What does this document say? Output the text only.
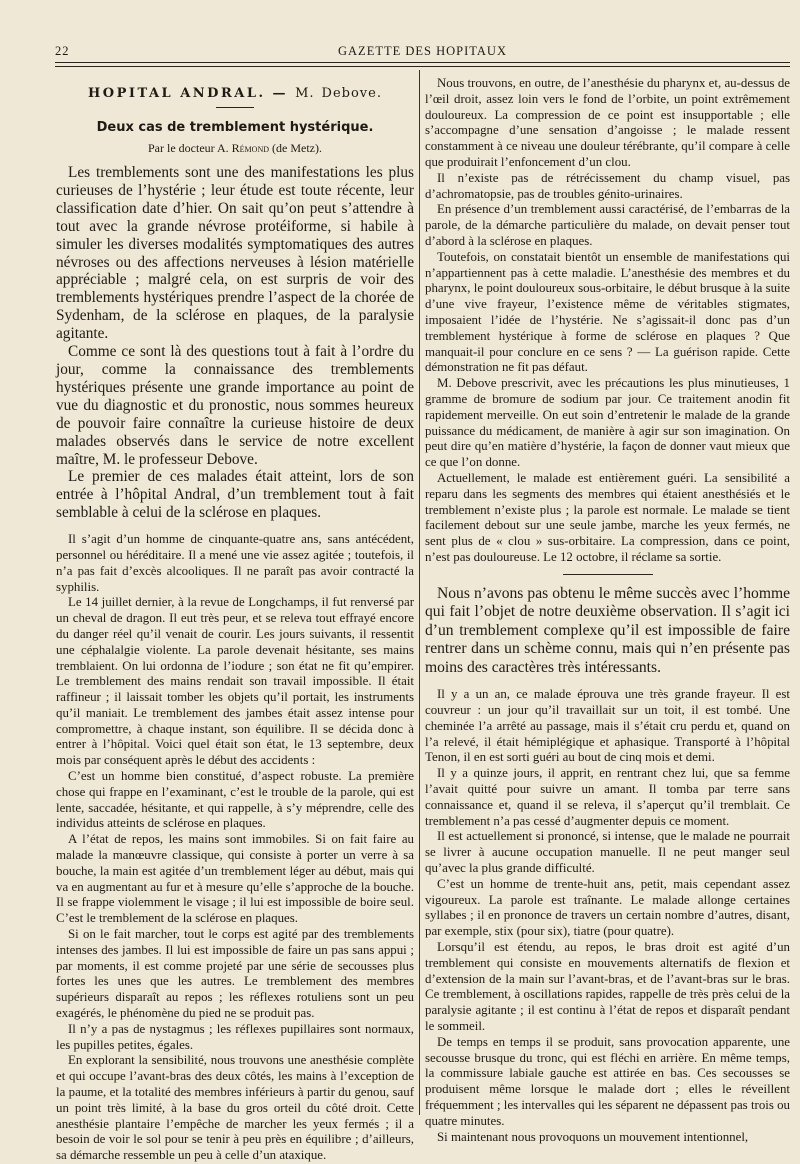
22	GAZETTE DES HOPITAUX
HOPITAL ANDRAL. — M. Debove.
Deux cas de tremblement hystérique.
Par le docteur A. Rémond (de Metz).

Les tremblements sont une des manifestations les plus curieuses de l’hystérie ; leur étude est toute récente, leur classification date d’hier. On sait qu’on peut s’attendre à tout avec la grande névrose protéiforme, si habile à simuler les diverses modalités symptomatiques des autres névroses ou des affections nerveuses à lésion matérielle appréciable ; malgré cela, on est surpris de voir des tremblements hystériques prendre l’aspect de la chorée de Sydenham, de la sclérose en plaques, de la paralysie agitante.

Comme ce sont là des questions tout à fait à l’ordre du jour, comme la connaissance des tremblements hystériques présente une grande importance au point de vue du diagnostic et du pronostic, nous sommes heureux de pouvoir faire connaître la curieuse histoire de deux malades observés dans le service de notre excellent maître, M. le professeur Debove.

Le premier de ces malades était atteint, lors de son entrée à l’hôpital Andral, d’un tremblement tout à fait semblable à celui de la sclérose en plaques.

Il s’agit d’un homme de cinquante-quatre ans, sans antécédent, personnel ou héréditaire. Il a mené une vie assez agitée ; toutefois, il n’a pas fait d’excès alcooliques. Il ne paraît pas avoir contracté la syphilis.

Le 14 juillet dernier, à la revue de Longchamps, il fut renversé par un cheval de dragon. Il eut très peur, et se releva tout effrayé encore du danger réel qu’il venait de courir. Les jours suivants, il ressentit une céphalalgie violente. La parole devenait hésitante, ses mains tremblaient. On lui ordonna de l’iodure ; son état ne fit qu’empirer. Le tremblement des mains rendait son travail impossible. Il était raffineur ; il laissait tomber les objets qu’il portait, les instruments qu’il maniait. Le tremblement des jambes était assez intense pour compromettre, à chaque instant, son équilibre. Il se décida donc à entrer à l’hôpital. Voici quel était son état, le 13 septembre, deux mois par conséquent après le début des accidents :

C’est un homme bien constitué, d’aspect robuste. La première chose qui frappe en l’examinant, c’est le trouble de la parole, qui est lente, saccadée, hésitante, et qui rappelle, à s’y méprendre, celle des individus atteints de sclérose en plaques.

A l’état de repos, les mains sont immobiles. Si on fait faire au malade la manœuvre classique, qui consiste à porter un verre à sa bouche, la main est agitée d’un tremblement léger au début, mais qui va en augmentant au fur et à mesure qu’elle s’approche de la bouche. Il se frappe violemment le visage ; il lui est impossible de boire seul. C’est le tremblement de la sclérose en plaques.

Si on le fait marcher, tout le corps est agité par des tremblements intenses des jambes. Il lui est impossible de faire un pas sans appui ; par moments, il est comme projeté par une série de secousses plus fortes les unes que les autres. Le tremblement des membres supérieurs disparaît au repos ; les réflexes rotuliens sont un peu exagérés, le phénomène du pied ne se produit pas.

Il n’y a pas de nystagmus ; les réflexes pupillaires sont normaux, les pupilles petites, égales.

En explorant la sensibilité, nous trouvons une anesthésie complète et qui occupe l’avant-bras des deux côtés, les mains à l’exception de la paume, et la totalité des membres inférieurs à partir du genou, sauf un point très limité, à la base du gros orteil du côté droit. Cette anesthésie plantaire l’empêche de marcher les yeux fermés ; il a besoin de voir le sol pour se tenir à peu près en équilibre ; d’ailleurs, sa démarche ressemble un peu à celle d’un ataxique.

Nous trouvons, en outre, de l’anesthésie du pharynx et, au-dessus de l’œil droit, assez loin vers le fond de l’orbite, un point extrêmement douloureux. La compression de ce point est insupportable ; elle s’accompagne d’une sensation d’angoisse ; le malade ressent constamment à ce niveau une douleur térébrante, qu’il compare à celle que produirait l’enfoncement d’un clou.

Il n’existe pas de rétrécissement du champ visuel, pas d’achromatopsie, pas de troubles génito-urinaires.

En présence d’un tremblement aussi caractérisé, de l’embarras de la parole, de la démarche particulière du malade, on devait penser tout d’abord à la sclérose en plaques.

Toutefois, on constatait bientôt un ensemble de manifestations qui n’appartiennent pas à cette maladie. L’anesthésie des membres et du pharynx, le point douloureux sous-orbitaire, le début brusque à la suite d’une vive frayeur, l’existence même de véritables stigmates, imposaient l’idée de l’hystérie. Ne s’agissait-il donc pas d’un tremblement hystérique à forme de sclérose en plaques ? Que manquait-il pour conclure en ce sens ? — La guérison rapide. Cette démonstration ne fit pas défaut.

M. Debove prescrivit, avec les précautions les plus minutieuses, 1 gramme de bromure de sodium par jour. Ce traitement anodin fit rapidement merveille. On eut soin d’entretenir le malade de la grande puissance du médicament, de manière à agir sur son imagination. On peut dire qu’en matière d’hystérie, la façon de donner vaut mieux que ce que l’on donne.

Actuellement, le malade est entièrement guéri. La sensibilité a reparu dans les segments des membres qui étaient anesthésiés et le tremblement n’existe plus ; la parole est normale. Le malade se tient facilement debout sur une seule jambe, marche les yeux fermés, ne sent plus de « clou » sus-orbitaire. La compression, dans ce point, n’est pas douloureuse. Le 12 octobre, il réclame sa sortie.

Nous n’avons pas obtenu le même succès avec l’homme qui fait l’objet de notre deuxième observation. Il s’agit ici d’un tremblement complexe qu’il est impossible de faire rentrer dans un schème connu, mais qui n’en présente pas moins des caractères très intéressants.

Il y a un an, ce malade éprouva une très grande frayeur. Il est couvreur : un jour qu’il travaillait sur un toit, il est tombé. Une cheminée l’a arrêté au passage, mais il s’était cru perdu et, quand on l’a relevé, il était hémiplégique et aphasique. Transporté à l’hôpital Tenon, il en est sorti guéri au bout de cinq mois et demi.

Il y a quinze jours, il apprit, en rentrant chez lui, que sa femme l’avait quitté pour suivre un amant. Il tomba par terre sans connaissance et, quand il se releva, il s’aperçut qu’il tremblait. Ce tremblement n’a pas cessé d’augmenter depuis ce moment.

Il est actuellement si prononcé, si intense, que le malade ne pourrait se livrer à aucune occupation manuelle. Il ne peut manger seul qu’avec la plus grande difficulté.

C’est un homme de trente-huit ans, petit, mais cependant assez vigoureux. La parole est traînante. Le malade allonge certaines syllabes ; il en prononce de travers un certain nombre d’autres, disant, par exemple, stix (pour six), tiatre (pour quatre).

Lorsqu’il est étendu, au repos, le bras droit est agité d’un tremblement qui consiste en mouvements alternatifs de flexion et d’extension de la main sur l’avant-bras, et de l’avant-bras sur le bras. Ce tremblement, à oscillations rapides, rappelle de très près celui de la paralysie agitante ; il est continu à l’état de repos et disparaît pendant le sommeil.

De temps en temps il se produit, sans provocation apparente, une secousse brusque du tronc, qui est fléchi en arrière. En même temps, la commissure labiale gauche est attirée en bas. Ces secousses se produisent même lorsque le malade dort ; elles le réveillent fréquemment ; les intervalles qui les séparent ne dépassent pas trois ou quatre minutes.

Si maintenant nous provoquons un mouvement intentionnel,
